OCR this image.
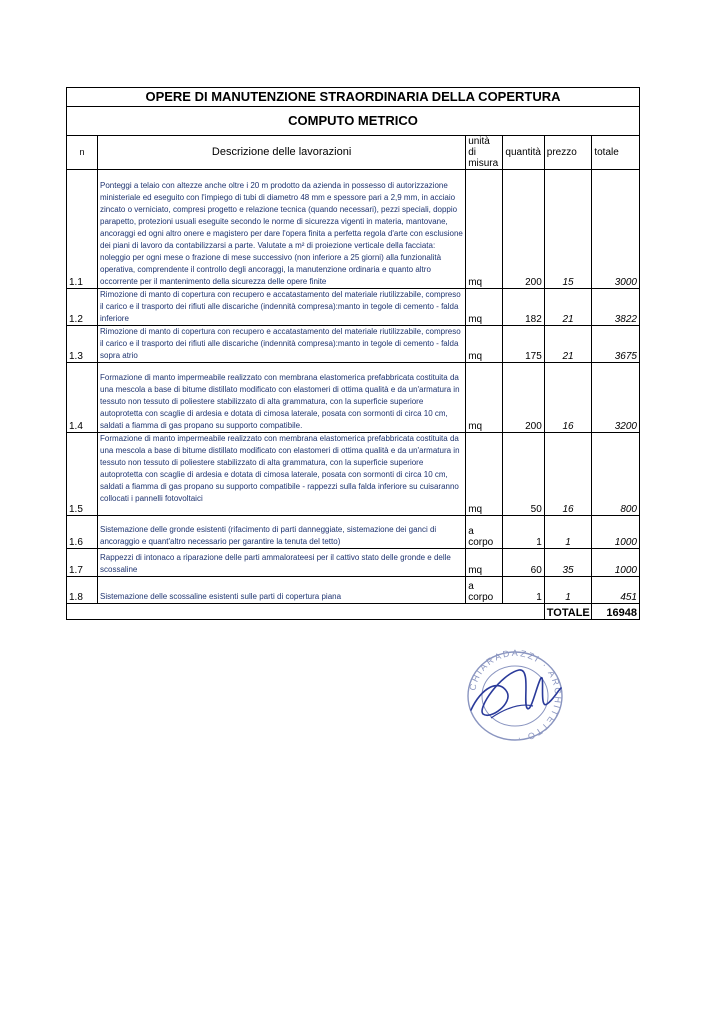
OPERE DI MANUTENZIONE STRAORDINARIA DELLA COPERTURA					
COMPUTO METRICO					
n	Descrizione delle lavorazioni	unità di misura	quantità	prezzo	totale
1.1	Ponteggi a telaio con altezze anche oltre i 20 m prodotto da azienda in possesso di autorizzazione ministeriale ed eseguito con l'impiego di tubi di diametro 48 mm e spessore pari a 2,9 mm, in acciaio zincato o verniciato, compresi progetto e relazione tecnica (quando necessari), pezzi speciali, doppio parapetto, protezioni usuali eseguite secondo le norme di sicurezza vigenti in materia, mantovane, ancoraggi ed ogni altro onere e magistero per dare l'opera finita a perfetta regola d'arte con esclusione dei piani di lavoro da contabilizzarsi a parte. Valutate a m² di proiezione verticale della facciata: noleggio per ogni mese o frazione di mese successivo (non inferiore a 25 giorni) alla funzionalità operativa, comprendente il controllo degli ancoraggi, la manutenzione ordinaria e quanto altro occorrente per il mantenimento della sicurezza delle opere finite	mq	200	15	3000
1.2	Rimozione di manto di copertura con recupero e accatastamento del materiale riutilizzabile, compreso il carico e il trasporto dei rifiuti alle discariche (indennità compresa):manto in tegole di cemento - falda inferiore	mq	182	21	3822
1.3	Rimozione di manto di copertura con recupero e accatastamento del materiale riutilizzabile, compreso il carico e il trasporto dei rifiuti alle discariche (indennità compresa):manto in tegole di cemento - falda sopra atrio	mq	175	21	3675
1.4	Formazione di manto impermeabile realizzato con membrana elastomerica prefabbricata costituita da una mescola a base di bitume distillato modificato con elastomeri di ottima qualità e da un'armatura in tessuto non tessuto di poliestere stabilizzato di alta grammatura, con la superficie superiore autoprotetta con scaglie di ardesia e dotata di cimosa laterale, posata con sormonti di circa 10 cm, saldati a fiamma di gas propano su supporto compatibile.	mq	200	16	3200
1.5	Formazione di manto impermeabile realizzato con membrana elastomerica prefabbricata costituita da una mescola a base di bitume distillato modificato con elastomeri di ottima qualità e da un'armatura in tessuto non tessuto di poliestere stabilizzato di alta grammatura, con la superficie superiore autoprotetta con scaglie di ardesia e dotata di cimosa laterale, posata con sormonti di circa 10 cm, saldati a fiamma di gas propano su supporto compatibile - rappezzi sulla falda inferiore su cuisaranno collocati i pannelli fotovoltaici	mq	50	16	800
1.6	Sistemazione delle gronde esistenti (rifacimento di parti danneggiate, sistemazione dei ganci di ancoraggio e quant'altro necessario per garantire la tenuta del tetto)	a corpo	1	1	1000
1.7	Rappezzi di intonaco a riparazione delle parti ammalorateesi per il cattivo stato delle gronde e delle scossaline	mq	60	35	1000
1.8	Sistemazione delle scossaline esistenti sulle parti di copertura piana	a corpo	1	1	451
				TOTALE	16948
CHIARADAZZI · ARCHITETTO ·
